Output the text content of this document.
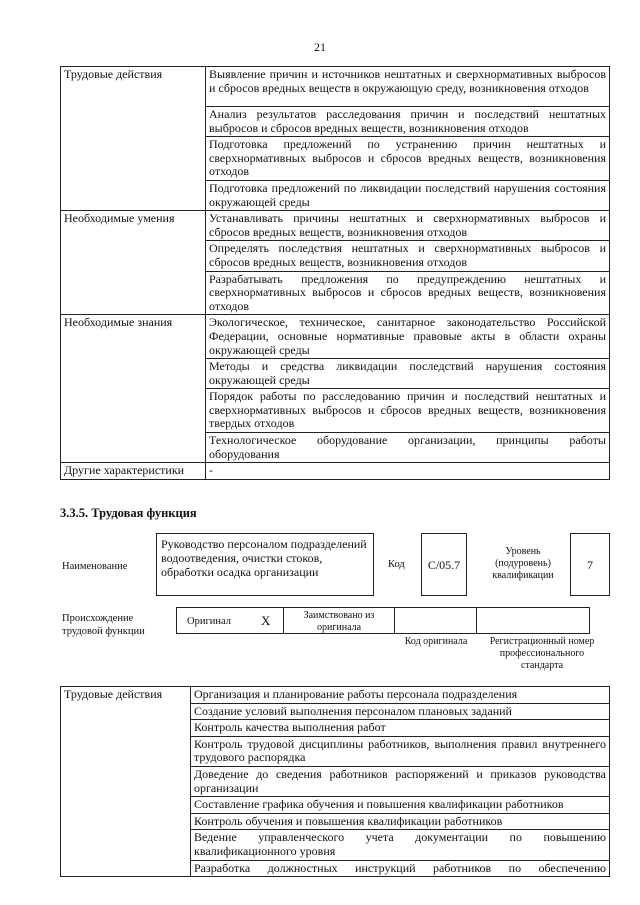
21
Трудовые действия	Выявление причин и источников нештатных и сверхнормативных выбросов и сбросов вредных веществ в окружающую среду, возникновения отходов
	Анализ результатов расследования причин и последствий нештатных выбросов и сбросов вредных веществ, возникновения отходов
	Подготовка предложений по устранению причин нештатных и сверхнормативных выбросов и сбросов вредных веществ, возникновения отходов
	Подготовка предложений по ликвидации последствий нарушения состояния окружающей среды
Необходимые умения	Устанавливать причины нештатных и сверхнормативных выбросов и сбросов вредных веществ, возникновения отходов
	Определять последствия нештатных и сверхнормативных выбросов и сбросов вредных веществ, возникновения отходов
	Разрабатывать предложения по предупреждению нештатных и сверхнормативных выбросов и сбросов вредных веществ, возникновения отходов
Необходимые знания	Экологическое, техническое, санитарное законодательство Российской Федерации, основные нормативные правовые акты в области охраны окружающей среды
	Методы и средства ликвидации последствий нарушения состояния окружающей среды
	Порядок работы по расследованию причин и последствий нештатных и сверхнормативных выбросов и сбросов вредных веществ, возникновения твердых отходов
	Технологическое оборудование организации, принципы работы оборудования
Другие характеристики	-
3.3.5. Трудовая функция
Наименование
Руководство персоналом подразделений водоотведения, очистки стоков, обработки осадка организации
Код	С/05.7
Уровень (подуровень) квалификации
7
Происхождение трудовой функции
Оригинал X	Заимствовано из оригинала
Код оригинала	Регистрационный номер профессионального стандарта
Трудовые действия	Организация и планирование работы персонала подразделения
Создание условий выполнения персоналом плановых заданий
Контроль качества выполнения работ
Контроль трудовой дисциплины работников, выполнения правил внутреннего трудового распорядка
Доведение до сведения работников распоряжений и приказов руководства организации
Составление графика обучения и повышения квалификации работников
Контроль обучения и повышения квалификации работников
Ведение управленческого учета документации по повышению квалификационного уровня
Разработка должностных инструкций работников по обеспечению
